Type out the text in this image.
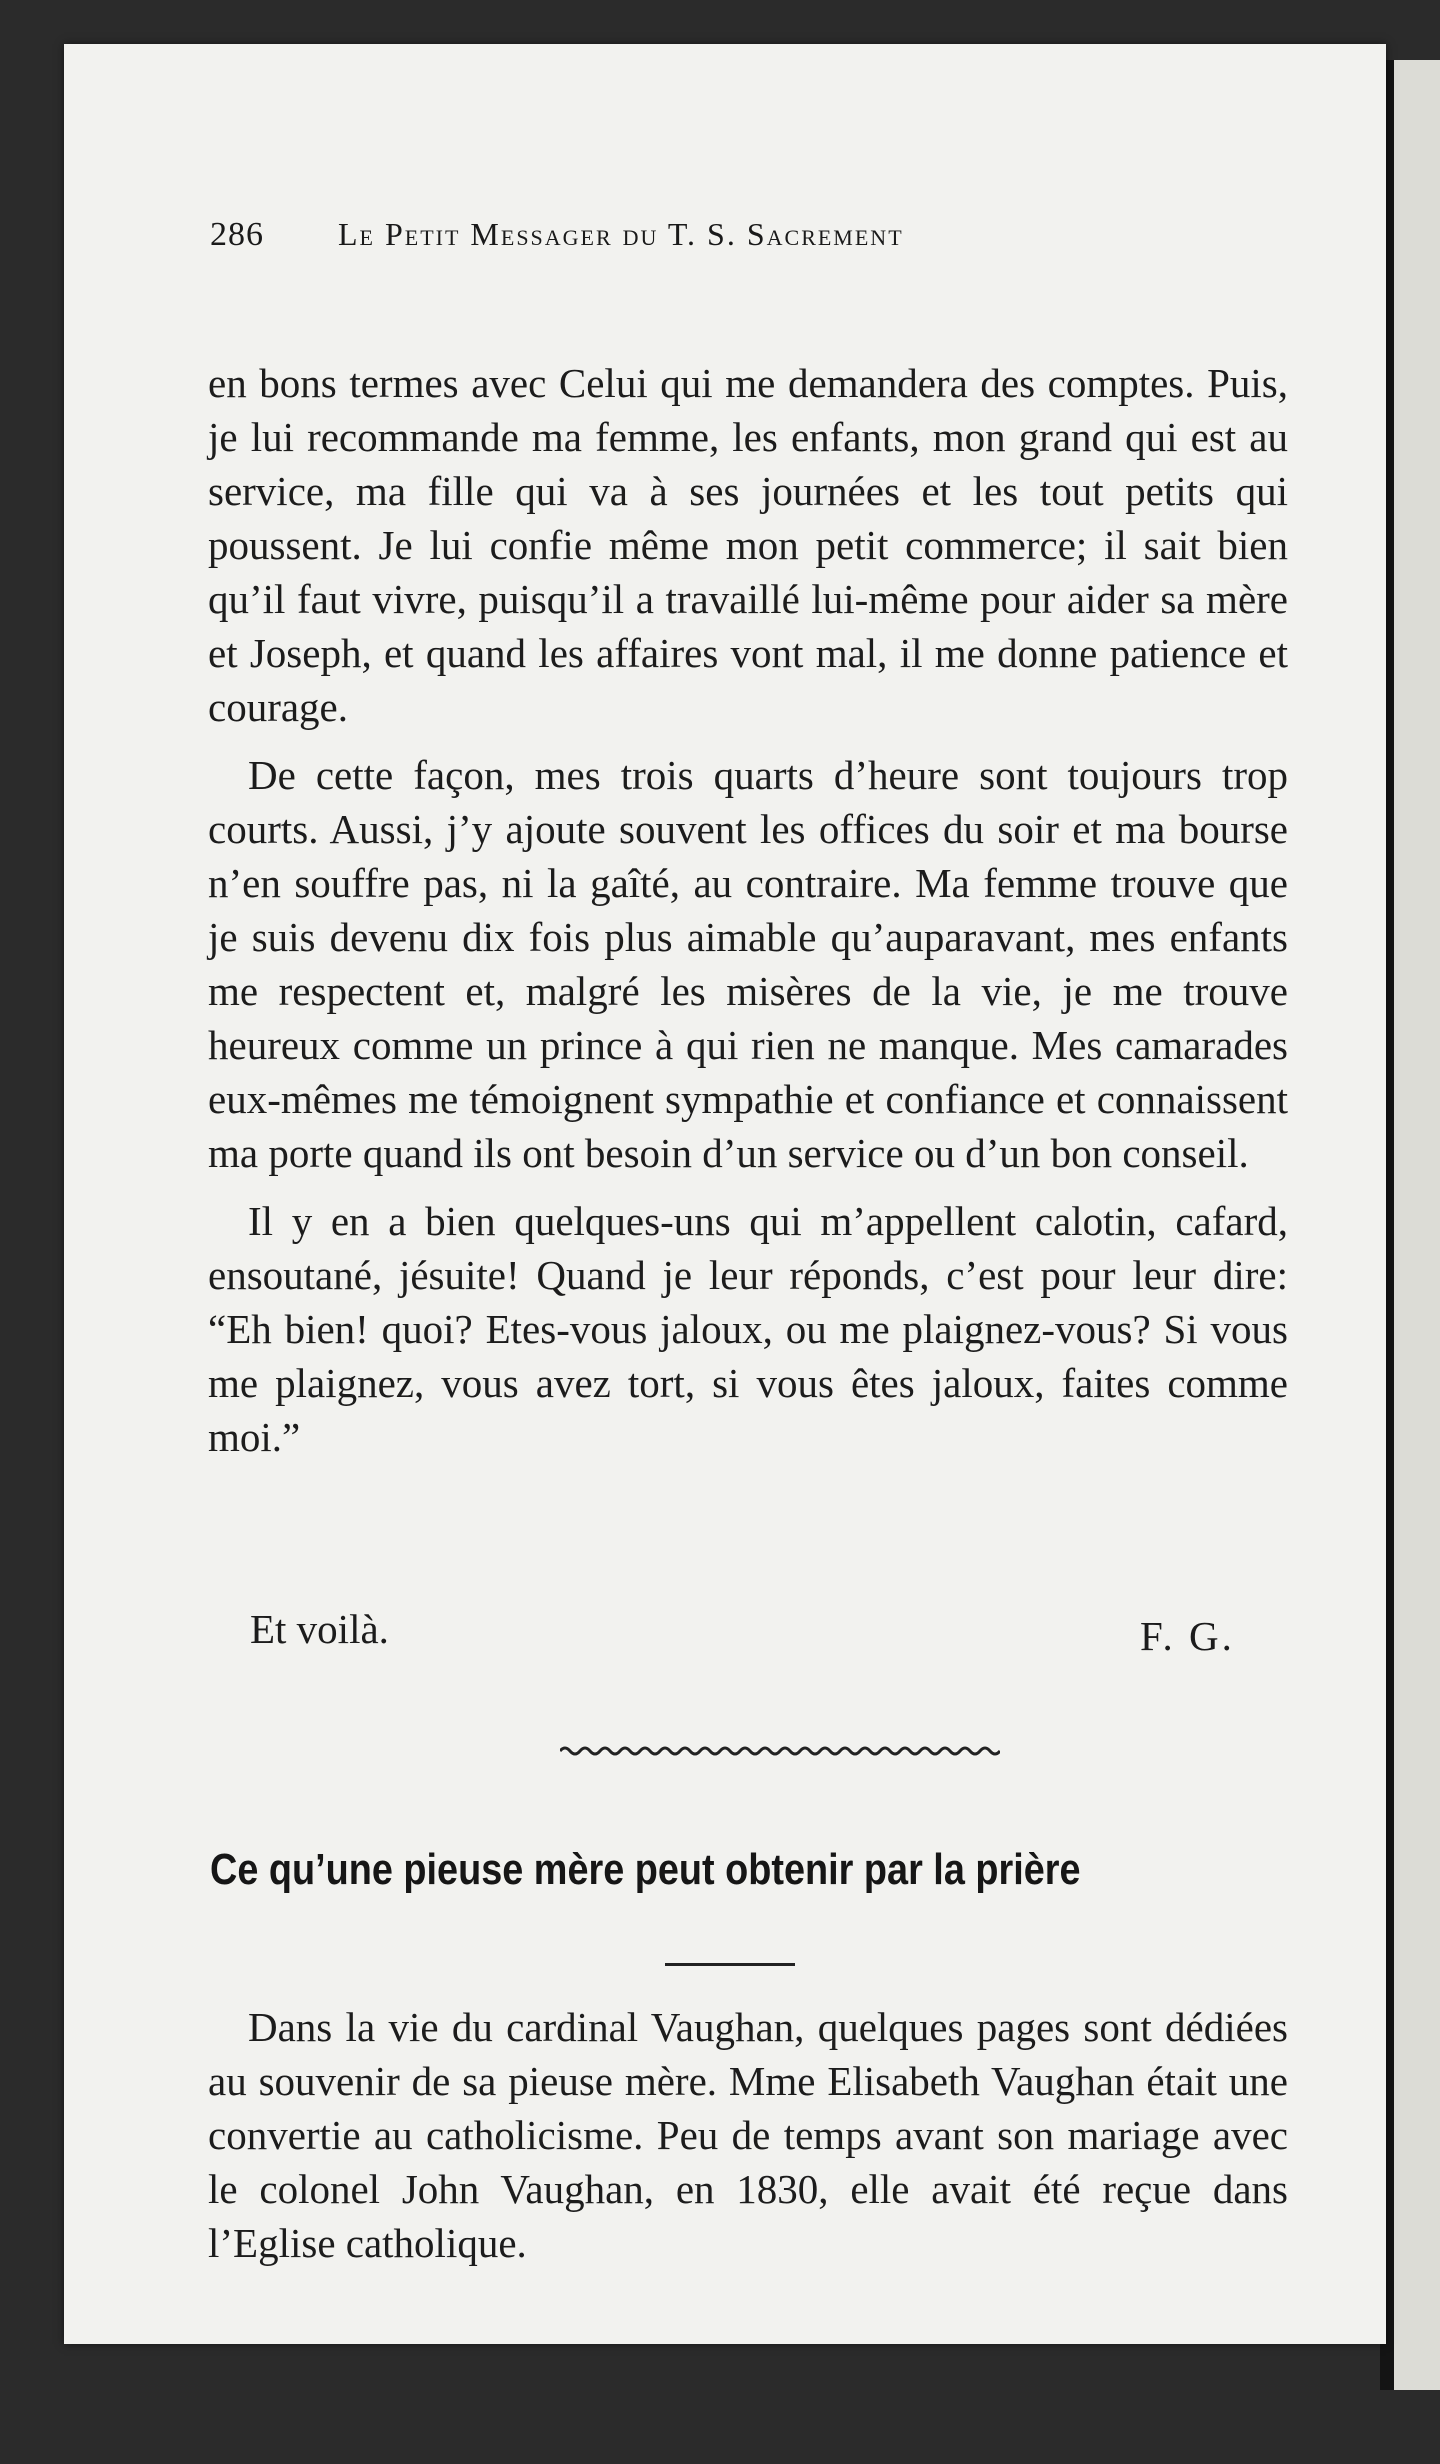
286 Le Petit Messager du T. S. Sacrement

en bons termes avec Celui qui me demandera des comptes. Puis, je lui recommande ma femme, les enfants, mon grand qui est au service, ma fille qui va à ses journées et les tout petits qui poussent. Je lui confie même mon petit commerce; il sait bien qu’il faut vivre, puisqu’il a travaillé lui-même pour aider sa mère et Joseph, et quand les affaires vont mal, il me donne patience et courage.

De cette façon, mes trois quarts d’heure sont toujours trop courts. Aussi, j’y ajoute souvent les offices du soir et ma bourse n’en souffre pas, ni la gaîté, au contraire. Ma femme trouve que je suis devenu dix fois plus aimable qu’auparavant, mes enfants me respectent et, malgré les misères de la vie, je me trouve heureux comme un prince à qui rien ne manque. Mes camarades eux-mêmes me témoignent sympathie et confiance et connaissent ma porte quand ils ont besoin d’un service ou d’un bon conseil.

Il y en a bien quelques-uns qui m’appellent calotin, cafard, ensoutané, jésuite! Quand je leur réponds, c’est pour leur dire: “Eh bien! quoi? Etes-vous jaloux, ou me plaignez-vous? Si vous me plaignez, vous avez tort, si vous êtes jaloux, faites comme moi.”

Et voilà.	F. G.
Ce qu’une pieuse mère peut obtenir par la prière

Dans la vie du cardinal Vaughan, quelques pages sont dédiées au souvenir de sa pieuse mère. Mme Elisabeth Vaughan était une convertie au catholicisme. Peu de temps avant son mariage avec le colonel John Vaughan, en 1830, elle avait été reçue dans l’Eglise catholique.
